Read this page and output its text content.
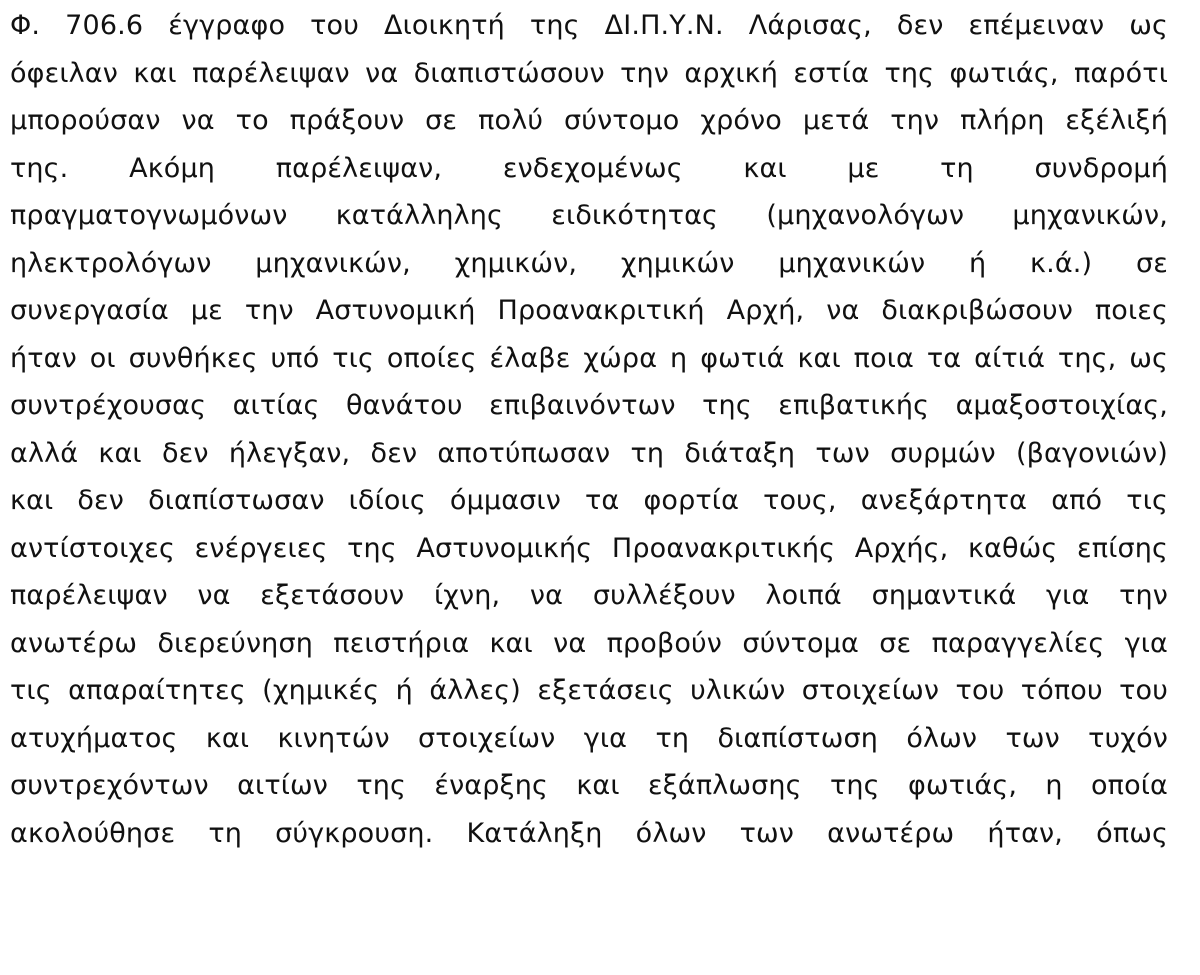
Φ. 706.6 έγγραφο του Διοικητή της ΔΙ.Π.Υ.Ν. Λάρισας, δεν επέμειναν ως
όφειλαν και παρέλειψαν να διαπιστώσουν την αρχική εστία της φωτιάς, παρότι
μπορούσαν να το πράξουν σε πολύ σύντομο χρόνο μετά την πλήρη εξέλιξή
της. Ακόμη παρέλειψαν, ενδεχομένως και με τη συνδρομή
πραγματογνωμόνων κατάλληλης ειδικότητας (μηχανολόγων μηχανικών,
ηλεκτρολόγων μηχανικών, χημικών, χημικών μηχανικών ή κ.ά.) σε
συνεργασία με την Αστυνομική Προανακριτική Αρχή, να διακριβώσουν ποιες
ήταν οι συνθήκες υπό τις οποίες έλαβε χώρα η φωτιά και ποια τα αίτιά της, ως
συντρέχουσας αιτίας θανάτου επιβαινόντων της επιβατικής αμαξοστοιχίας,
αλλά και δεν ήλεγξαν, δεν αποτύπωσαν τη διάταξη των συρμών (βαγονιών)
και δεν διαπίστωσαν ιδίοις όμμασιν τα φορτία τους, ανεξάρτητα από τις
αντίστοιχες ενέργειες της Αστυνομικής Προανακριτικής Αρχής, καθώς επίσης
παρέλειψαν να εξετάσουν ίχνη, να συλλέξουν λοιπά σημαντικά για την
ανωτέρω διερεύνηση πειστήρια και να προβούν σύντομα σε παραγγελίες για
τις απαραίτητες (χημικές ή άλλες) εξετάσεις υλικών στοιχείων του τόπου του
ατυχήματος και κινητών στοιχείων για τη διαπίστωση όλων των τυχόν
συντρεχόντων αιτίων της έναρξης και εξάπλωσης της φωτιάς, η οποία
ακολούθησε τη σύγκρουση. Κατάληξη όλων των ανωτέρω ήταν, όπως
